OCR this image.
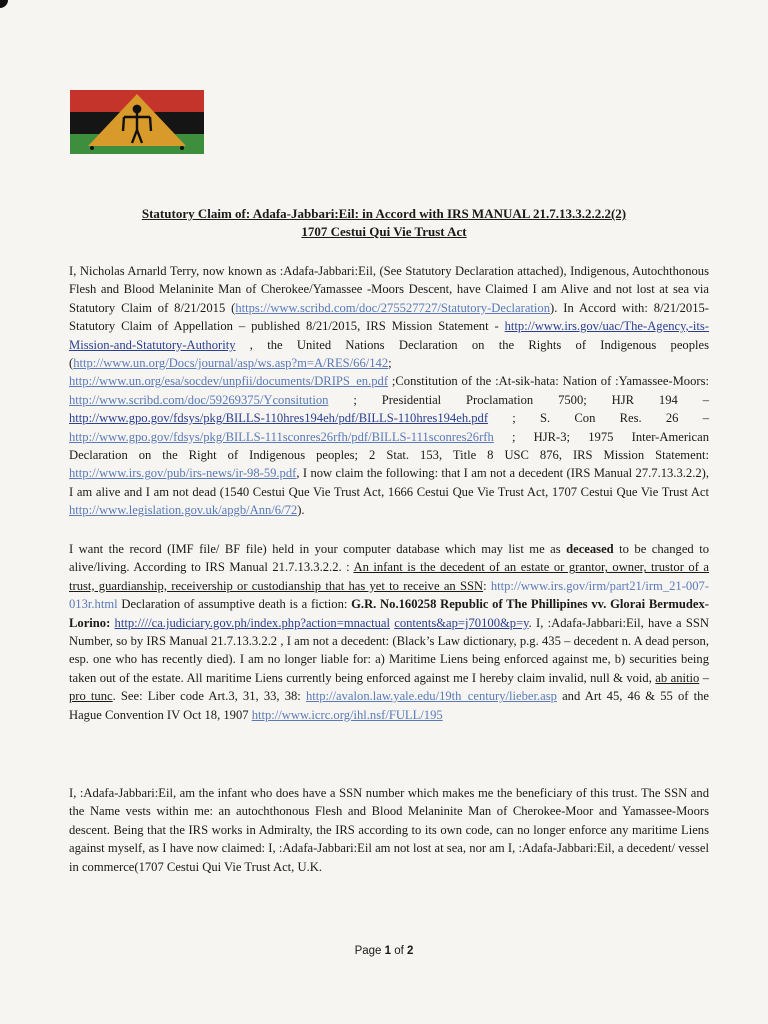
Statutory Claim of: Adafa-Jabbari:Eil: in Accord with IRS MANUAL 21.7.13.3.2.2.2(2)
1707 Cestui Qui Vie Trust Act

I, Nicholas Arnarld Terry, now known as :Adafa-Jabbari:Eil, (See Statutory Declaration attached), Indigenous, Autochthonous Flesh and Blood Melaninite Man of Cherokee/Yamassee -Moors Descent, have Claimed I am Alive and not lost at sea via Statutory Claim of 8/21/2015 (https://www.scribd.com/doc/275527727/Statutory-Declaration). In Accord with: 8/21/2015- Statutory Claim of Appellation – published 8/21/2015, IRS Mission Statement - http://www.irs.gov/uac/The-Agency,-its-Mission-and-Statutory-Authority , the United Nations Declaration on the Rights of Indigenous peoples (http://www.un.org/Docs/journal/asp/ws.asp?m=A/RES/66/142; http://www.un.org/esa/socdev/unpfii/documents/DRIPS_en.pdf ;Constitution of the :At-sik-hata: Nation of :Yamassee-Moors: http://www.scribd.com/doc/59269375/Yconsitution ; Presidential Proclamation 7500; HJR 194 – http://www.gpo.gov/fdsys/pkg/BILLS-110hres194eh/pdf/BILLS-110hres194eh.pdf ; S. Con Res. 26 – http://www.gpo.gov/fdsys/pkg/BILLS-111sconres26rfh/pdf/BILLS-111sconres26rfh ; HJR-3; 1975 Inter-American Declaration on the Right of Indigenous peoples; 2 Stat. 153, Title 8 USC 876, IRS Mission Statement: http://www.irs.gov/pub/irs-news/ir-98-59.pdf, I now claim the following: that I am not a decedent (IRS Manual 27.7.13.3.2.2), I am alive and I am not dead (1540 Cestui Que Vie Trust Act, 1666 Cestui Que Vie Trust Act, 1707 Cestui Que Vie Trust Act http://www.legislation.gov.uk/apgb/Ann/6/72).

I want the record (IMF file/ BF file) held in your computer database which may list me as deceased to be changed to alive/living. According to IRS Manual 21.7.13.3.2.2. : An infant is the decedent of an estate or grantor, owner, trustor of a trust, guardianship, receivership or custodianship that has yet to receive an SSN: http://www.irs.gov/irm/part21/irm_21-007-013r.html Declaration of assumptive death is a fiction: G.R. No.160258 Republic of The Phillipines vv. Glorai Bermudex-Lorino: http:////ca.judiciary.gov.ph/index.php?action=mnactual contents&ap=j70100&p=y. I, :Adafa-Jabbari:Eil, have a SSN Number, so by IRS Manual 21.7.13.3.2.2 , I am not a decedent: (Black’s Law dictionary, p.g. 435 – decedent n. A dead person, esp. one who has recently died). I am no longer liable for: a) Maritime Liens being enforced against me, b) securities being taken out of the estate. All maritime Liens currently being enforced against me I hereby claim invalid, null & void, ab anitio – pro tunc. See: Liber code Art.3, 31, 33, 38: http://avalon.law.yale.edu/19th_century/lieber.asp and Art 45, 46 & 55 of the Hague Convention IV Oct 18, 1907 http://www.icrc.org/ihl.nsf/FULL/195

I, :Adafa-Jabbari:Eil, am the infant who does have a SSN number which makes me the beneficiary of this trust. The SSN and the Name vests within me: an autochthonous Flesh and Blood Melaninite Man of Cherokee-Moor and Yamassee-Moors descent. Being that the IRS works in Admiralty, the IRS according to its own code, can no longer enforce any maritime Liens against myself, as I have now claimed: I, :Adafa-Jabbari:Eil am not lost at sea, nor am I, :Adafa-Jabbari:Eil, a decedent/ vessel in commerce(1707 Cestui Qui Vie Trust Act, U.K.

Page 1 of 2
